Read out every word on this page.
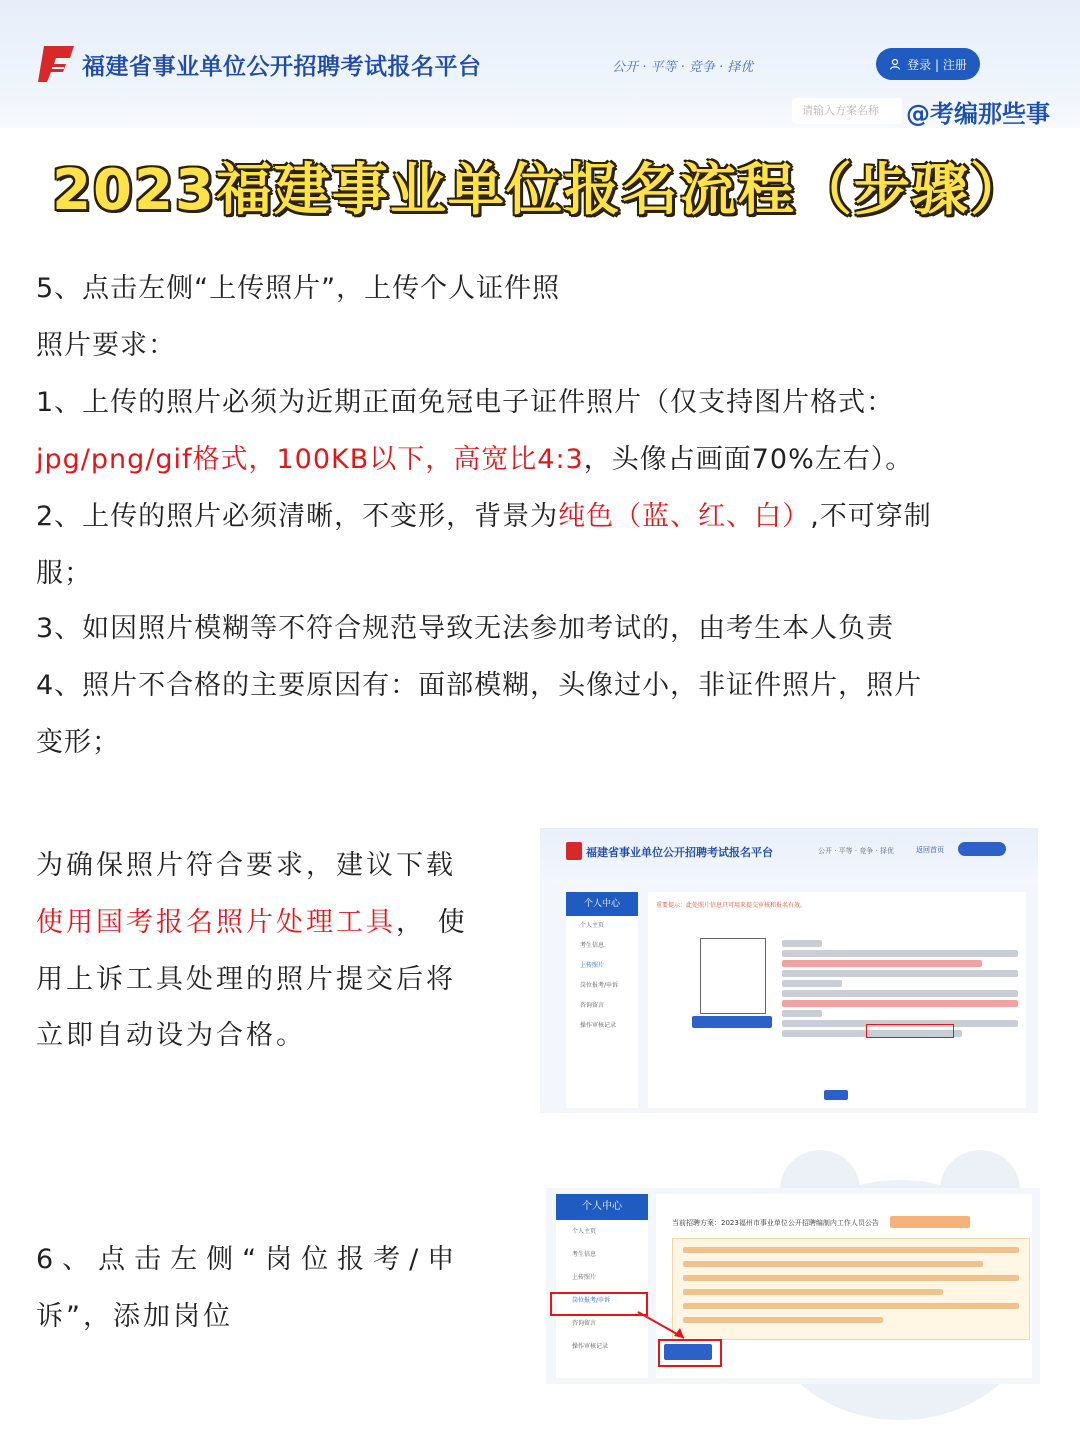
福建省事业单位公开招聘考试报名平台	公开 · 平等 · 竞争 · 择优	登录 | 注册
请输入方案名称	@考编那些事
2023福建事业单位报名流程（步骤）
5、点击左侧“上传照片”，上传个人证件照
照片要求：
1、上传的照片必须为近期正面免冠电子证件照片（仅支持图片格式：
jpg/png/gif格式，100KB以下，高宽比4:3，头像占画面70%左右）。
2、上传的照片必须清晰，不变形，背景为纯色（蓝、红、白）,不可穿制
服；
3、如因照片模糊等不符合规范导致无法参加考试的，由考生本人负责
4、照片不合格的主要原因有：面部模糊，头像过小，非证件照片，照片
变形；
为确保照片符合要求，建议下载
使用国考报名照片处理工具， 使
用上诉工具处理的照片提交后将
立即自动设为合格。
6、点击左侧“岗位报考/申
诉”，添加岗位
福建省事业单位公开招聘考试报名平台	公开 · 平等 · 竞争 · 择优	返回首页
个人中心
个人主页
考生信息
上传照片
岗位报考/申诉
咨询留言
操作审核记录
重要提示：此处照片信息只可用来提交审核和报名有效。
个人中心
个人主页
考生信息
上传照片
岗位报考/申诉
咨询留言
操作审核记录
当前招聘方案：2023福州市事业单位公开招聘编制内工作人员公告
